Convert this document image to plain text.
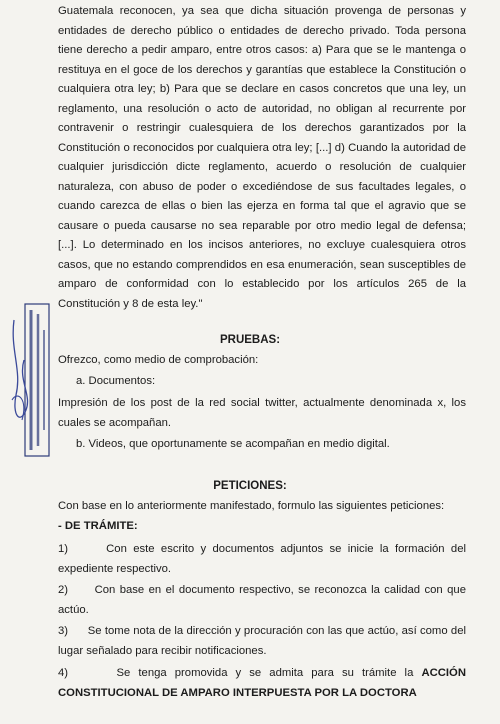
Guatemala reconocen, ya sea que dicha situación provenga de personas y entidades de derecho público o entidades de derecho privado. Toda persona tiene derecho a pedir amparo, entre otros casos: a) Para que se le mantenga o restituya en el goce de los derechos y garantías que establece la Constitución o cualquiera otra ley; b) Para que se declare en casos concretos que una ley, un reglamento, una resolución o acto de autoridad, no obligan al recurrente por contravenir o restringir cualesquiera de los derechos garantizados por la Constitución o reconocidos por cualquiera otra ley; [...] d) Cuando la autoridad de cualquier jurisdicción dicte reglamento, acuerdo o resolución de cualquier naturaleza, con abuso de poder o excediéndose de sus facultades legales, o cuando carezca de ellas o bien las ejerza en forma tal que el agravio que se causare o pueda causarse no sea reparable por otro medio legal de defensa; [...]. Lo determinado en los incisos anteriores, no excluye cualesquiera otros casos, que no estando comprendidos en esa enumeración, sean susceptibles de amparo de conformidad con lo establecido por los artículos 265 de la Constitución y 8 de esta ley."

PRUEBAS:

Ofrezco, como medio de comprobación:

a. Documentos:

Impresión de los post de la red social twitter, actualmente denominada x, los cuales se acompañan.

b. Videos, que oportunamente se acompañan en medio digital.

PETICIONES:

Con base en lo anteriormente manifestado, formulo las siguientes peticiones:

- DE TRÁMITE:

1)	Con este escrito y documentos adjuntos se inicie la formación del expediente respectivo.

2) Con base en el documento respectivo, se reconozca la calidad con que actúo.

3) Se tome nota de la dirección y procuración con las que actúo, así como del lugar señalado para recibir notificaciones.

4)	Se tenga promovida y se admita para su trámite la ACCIÓN CONSTITUCIONAL DE AMPARO INTERPUESTA POR LA DOCTORA
